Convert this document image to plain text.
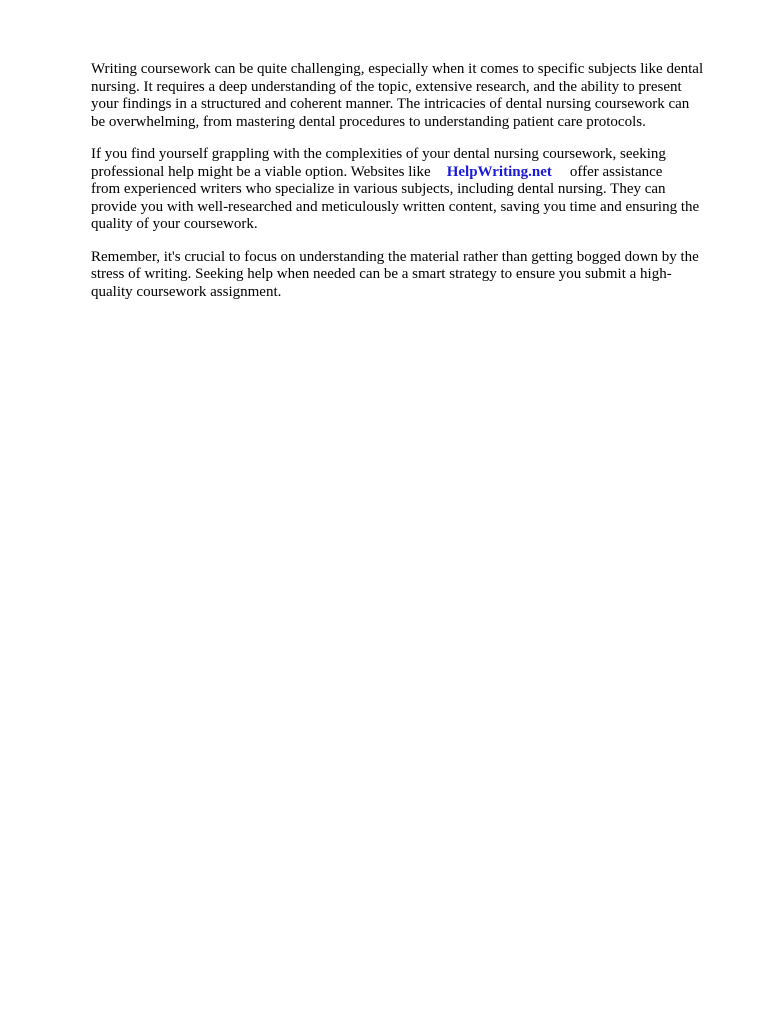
Writing coursework can be quite challenging, especially when it comes to specific subjects like dental
nursing. It requires a deep understanding of the topic, extensive research, and the ability to present
your findings in a structured and coherent manner. The intricacies of dental nursing coursework can
be overwhelming, from mastering dental procedures to understanding patient care protocols.

If you find yourself grappling with the complexities of your dental nursing coursework, seeking
professional help might be a viable option. Websites like HelpWriting.net offer assistance
from experienced writers who specialize in various subjects, including dental nursing. They can
provide you with well-researched and meticulously written content, saving you time and ensuring the
quality of your coursework.

Remember, it's crucial to focus on understanding the material rather than getting bogged down by the
stress of writing. Seeking help when needed can be a smart strategy to ensure you submit a high-
quality coursework assignment.
